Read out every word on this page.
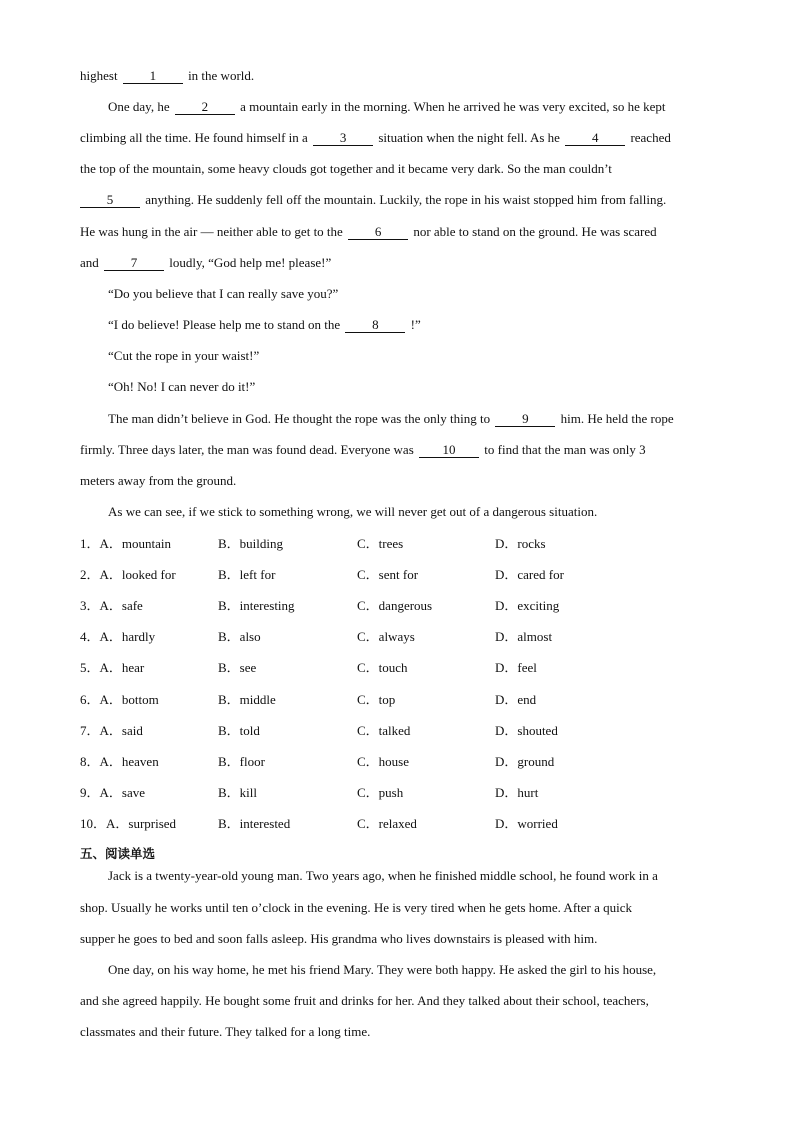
highest 1 in the world.
One day, he 2 a mountain early in the morning. When he arrived he was very excited, so he kept
climbing all the time. He found himself in a 3 situation when the night fell. As he 4 reached
the top of the mountain, some heavy clouds got together and it became very dark. So the man couldn’t
5 anything. He suddenly fell off the mountain. Luckily, the rope in his waist stopped him from falling.
He was hung in the air — neither able to get to the 6 nor able to stand on the ground. He was scared
and 7 loudly, “God help me! please!”
“Do you believe that I can really save you?”
“I do believe! Please help me to stand on the 8 !”
“Cut the rope in your waist!”
“Oh! No! I can never do it!”
The man didn’t believe in God. He thought the rope was the only thing to 9 him. He held the rope
firmly. Three days later, the man was found dead. Everyone was 10 to find that the man was only 3
meters away from the ground.
As we can see, if we stick to something wrong, we will never get out of a dangerous situation.
1．A．mountain	B．building	C．trees	D．rocks
2．A．looked for	B．left for	C．sent for	D．cared for
3．A．safe	B．interesting	C．dangerous	D．exciting
4．A．hardly	B．also	C．always	D．almost
5．A．hear	B．see	C．touch	D．feel
6．A．bottom	B．middle	C．top	D．end
7．A．said	B．told	C．talked	D．shouted
8．A．heaven	B．floor	C．house	D．ground
9．A．save	B．kill	C．push	D．hurt
10．A．surprised	B．interested	C．relaxed	D．worried
五、阅读单选
Jack is a twenty-year-old young man. Two years ago, when he finished middle school, he found work in a
shop. Usually he works until ten o’clock in the evening. He is very tired when he gets home. After a quick
supper he goes to bed and soon falls asleep. His grandma who lives downstairs is pleased with him.
One day, on his way home, he met his friend Mary. They were both happy. He asked the girl to his house,
and she agreed happily. He bought some fruit and drinks for her. And they talked about their school, teachers,
classmates and their future. They talked for a long time.
